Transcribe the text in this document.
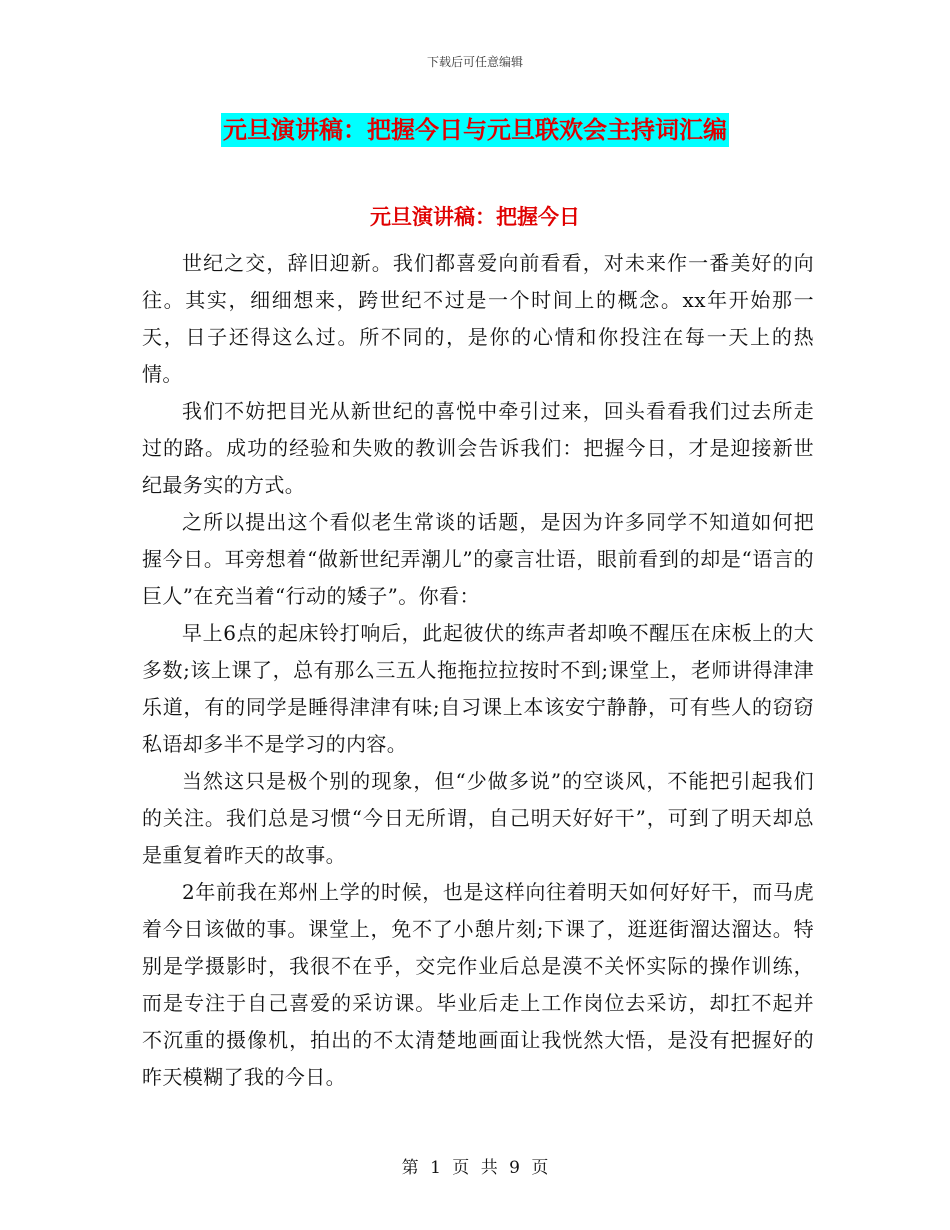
下载后可任意编辑
元旦演讲稿：把握今日与元旦联欢会主持词汇编
元旦演讲稿：把握今日

世纪之交，辞旧迎新。我们都喜爱向前看看，对未来作一番美好的向往。其实，细细想来，跨世纪不过是一个时间上的概念。xx年开始那一天，日子还得这么过。所不同的，是你的心情和你投注在每一天上的热情。

我们不妨把目光从新世纪的喜悦中牵引过来，回头看看我们过去所走过的路。成功的经验和失败的教训会告诉我们：把握今日，才是迎接新世纪最务实的方式。

之所以提出这个看似老生常谈的话题，是因为许多同学不知道如何把握今日。耳旁想着“做新世纪弄潮儿”的豪言壮语，眼前看到的却是“语言的巨人”在充当着“行动的矮子”。你看：

早上6点的起床铃打响后，此起彼伏的练声者却唤不醒压在床板上的大多数;该上课了，总有那么三五人拖拖拉拉按时不到;课堂上，老师讲得津津乐道，有的同学是睡得津津有味;自习课上本该安宁静静，可有些人的窃窃私语却多半不是学习的内容。

当然这只是极个别的现象，但“少做多说”的空谈风，不能把引起我们的关注。我们总是习惯“今日无所谓，自己明天好好干”，可到了明天却总是重复着昨天的故事。

2年前我在郑州上学的时候，也是这样向往着明天如何好好干，而马虎着今日该做的事。课堂上，免不了小憩片刻;下课了，逛逛街溜达溜达。特别是学摄影时，我很不在乎，交完作业后总是漠不关怀实际的操作训练，而是专注于自己喜爱的采访课。毕业后走上工作岗位去采访，却扛不起并不沉重的摄像机，拍出的不太清楚地画面让我恍然大悟，是没有把握好的昨天模糊了我的今日。

第 1 页 共 9 页
